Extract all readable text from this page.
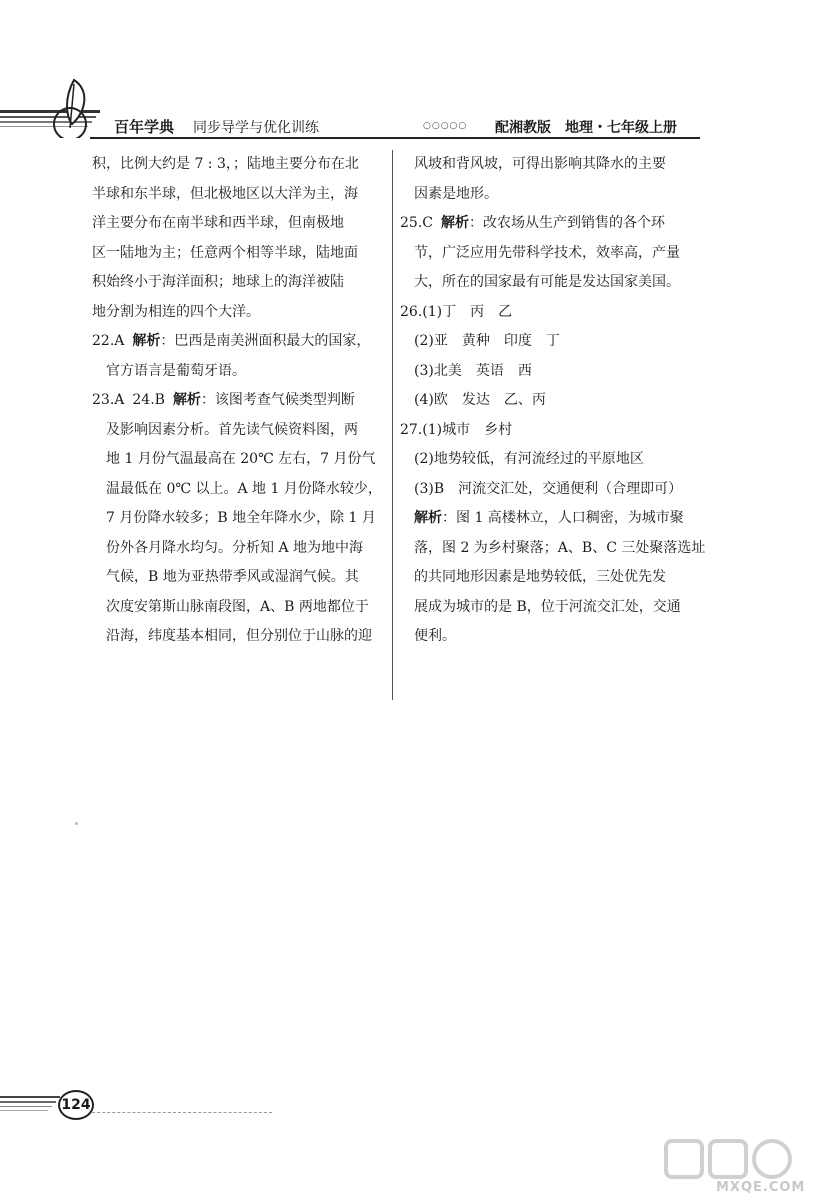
百年学典 同步导学与优化训练	○○○○○ 配湘教版　地理・七年级上册
积，比例大约是 7 : 3，；陆地主要分布在北
半球和东半球，但北极地区以大洋为主，海
洋主要分布在南半球和西半球，但南极地
区一陆地为主；任意两个相等半球，陆地面
积始终小于海洋面积；地球上的海洋被陆
地分割为相连的四个大洋。
22.A 解析：巴西是南美洲面积最大的国家，
官方语言是葡萄牙语。
23.A 24.B 解析：该图考查气候类型判断
及影响因素分析。首先读气候资料图，两
地 1 月份气温最高在 20℃ 左右，7 月份气
温最低在 0℃ 以上。A 地 1 月份降水较少，
7 月份降水较多；B 地全年降水少，除 1 月
份外各月降水均匀。分析知 A 地为地中海
气候，B 地为亚热带季风或湿润气候。其
次度安第斯山脉南段图，A、B 两地都位于
沿海，纬度基本相同，但分别位于山脉的迎
风坡和背风坡，可得出影响其降水的主要
因素是地形。
25.C 解析：改农场从生产到销售的各个环
节，广泛应用先带科学技术，效率高，产量
大，所在的国家最有可能是发达国家美国。
26.(1)丁　丙　乙
(2)亚　黄种　印度　丁
(3)北美　英语　西
(4)欧　发达　乙、丙
27.(1)城市　乡村
(2)地势较低，有河流经过的平原地区
(3)B　河流交汇处，交通便利（合理即可）
解析：图 1 高楼林立，人口稠密，为城市聚
落，图 2 为乡村聚落；A、B、C 三处聚落选址
的共同地形因素是地势较低，三处优先发
展成为城市的是 B，位于河流交汇处，交通
便利。
124
MXQE.COM
